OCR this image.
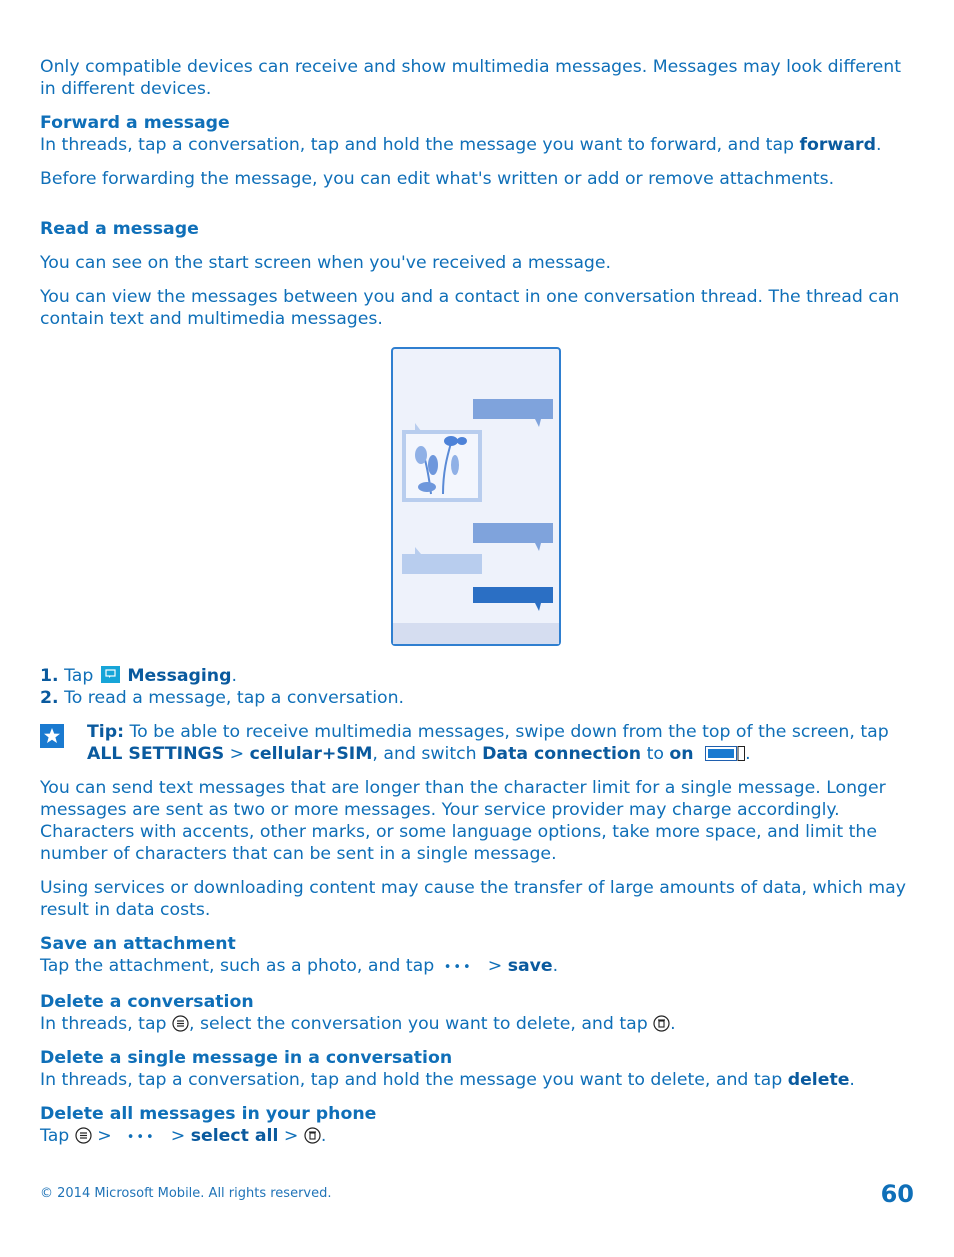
Only compatible devices can receive and show multimedia messages. Messages may look different in different devices.

Forward a message

In threads, tap a conversation, tap and hold the message you want to forward, and tap forward.

Before forwarding the message, you can edit what's written or add or remove attachments.

Read a message

You can see on the start screen when you've received a message.

You can view the messages between you and a contact in one conversation thread. The thread can contain text and multimedia messages.

1. Tap Messaging.

2. To read a message, tap a conversation.

Tip: To be able to receive multimedia messages, swipe down from the top of the screen, tap ALL SETTINGS > cellular+SIM, and switch Data connection to on	.

You can send text messages that are longer than the character limit for a single message. Longer messages are sent as two or more messages. Your service provider may charge accordingly. Characters with accents, other marks, or some language options, take more space, and limit the number of characters that can be sent in a single message.

Using services or downloading content may cause the transfer of large amounts of data, which may result in data costs.

Save an attachment

Tap the attachment, such as a photo, and tap ••• > save.

Delete a conversation

In threads, tap , select the conversation you want to delete, and tap .

Delete a single message in a conversation

In threads, tap a conversation, tap and hold the message you want to delete, and tap delete.

Delete all messages in your phone

Tap  > ••• > select all > .

© 2014 Microsoft Mobile. All rights reserved.	60
